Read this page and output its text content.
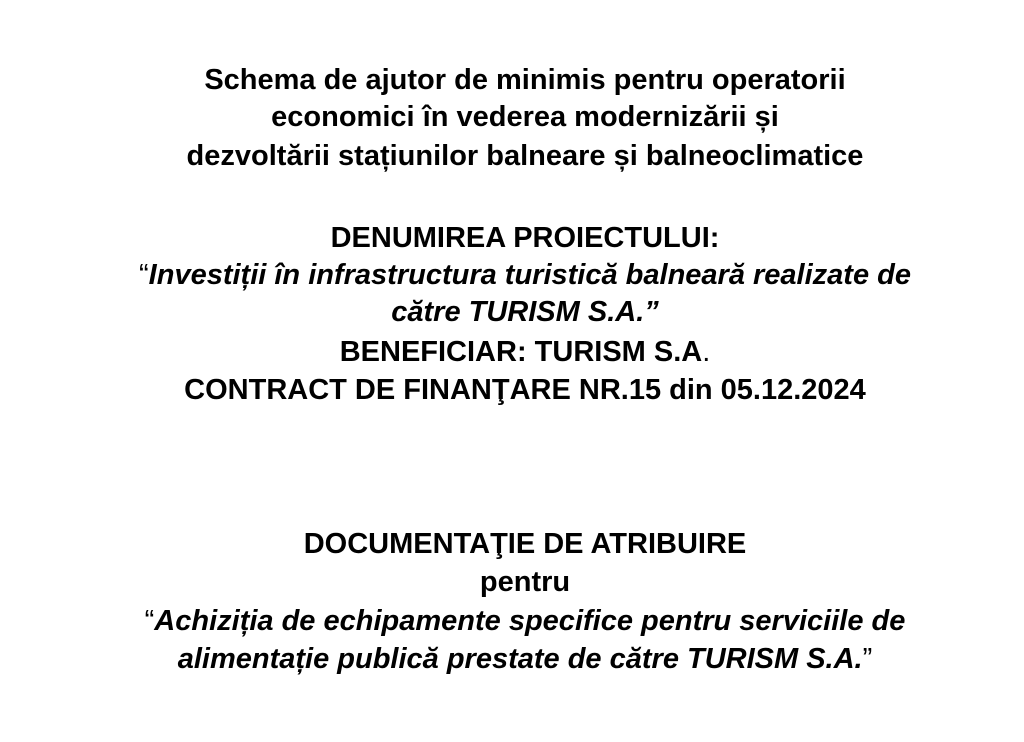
Schema de ajutor de minimis pentru operatorii
economici în vederea modernizării și
dezvoltării stațiunilor balneare și balneoclimatice
DENUMIREA PROIECTULUI:
“Investiții în infrastructura turistică balneară realizate de
către TURISM S.A.”
BENEFICIAR: TURISM S.A.
CONTRACT DE FINANŢARE NR.15 din 05.12.2024
DOCUMENTAŢIE DE ATRIBUIRE
pentru
“Achiziția de echipamente specifice pentru serviciile de
alimentație publică prestate de către TURISM S.A.”
